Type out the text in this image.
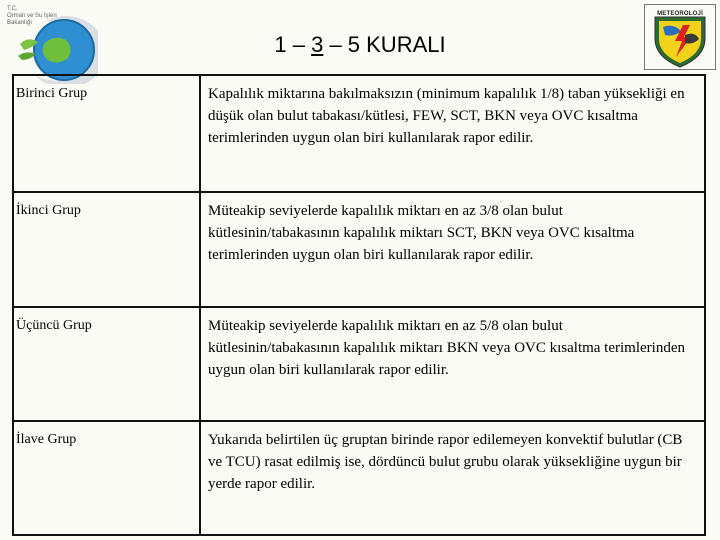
T.C.
Orman ve Su İşleri
Bakanlığı
1 – 3 – 5 KURALI
METEOROLOJİ
Birinci Grup	Kapalılık miktarına bakılmaksızın (minimum kapalılık 1/8) taban yüksekliği en düşük olan bulut tabakası/kütlesi, FEW, SCT, BKN veya OVC kısaltma terimlerinden uygun olan biri kullanılarak rapor edilir.
İkinci Grup	Müteakip seviyelerde kapalılık miktarı en az 3/8 olan bulut kütlesinin/tabakasının kapalılık miktarı SCT, BKN veya OVC kısaltma terimlerinden uygun olan biri kullanılarak rapor edilir.
Üçüncü Grup	Müteakip seviyelerde kapalılık miktarı en az 5/8 olan bulut kütlesinin/tabakasının kapalılık miktarı BKN veya OVC kısaltma terimlerinden uygun olan biri kullanılarak rapor edilir.
İlave Grup	Yukarıda belirtilen üç gruptan birinde rapor edilemeyen konvektif bulutlar (CB ve TCU) rasat edilmiş ise, dördüncü bulut grubu olarak yüksekliğine uygun bir yerde rapor edilir.
